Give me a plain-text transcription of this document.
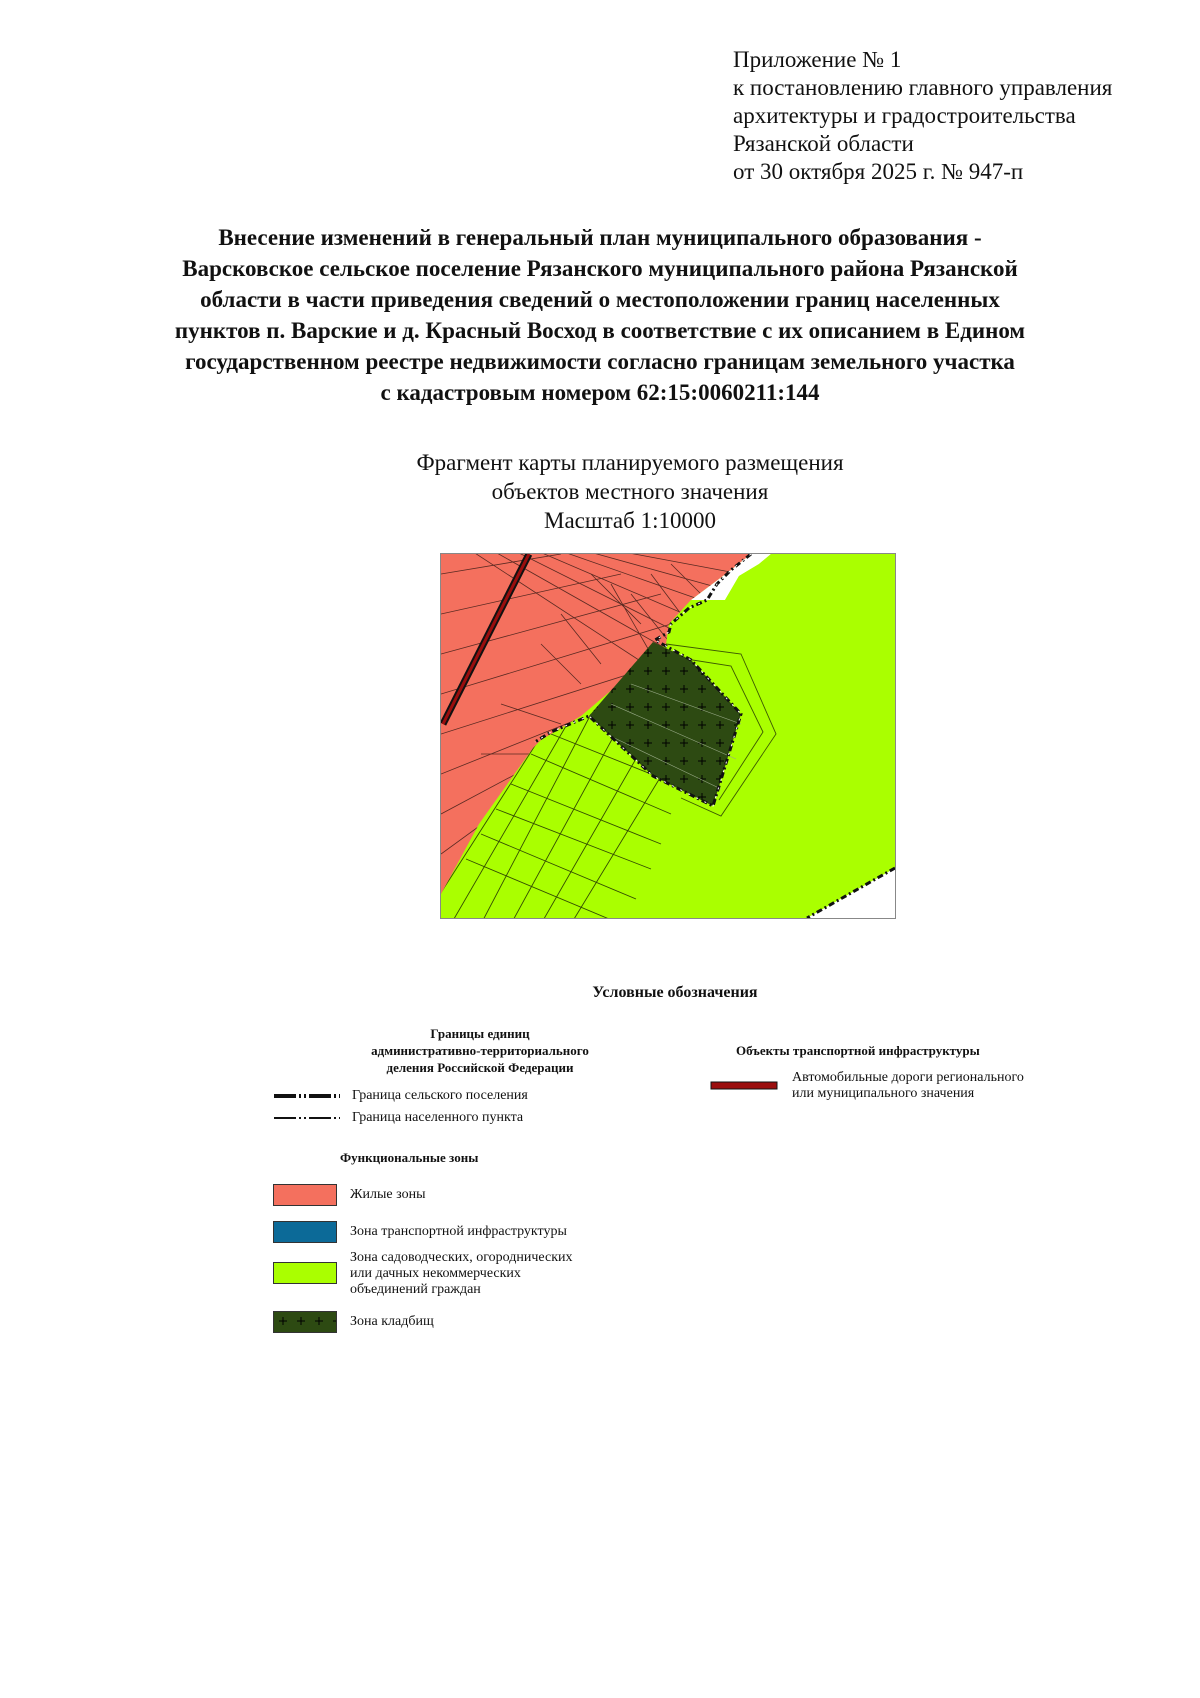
Приложение № 1
к постановлению главного управления
архитектуры и градостроительства
Рязанской области
от 30 октября 2025 г. № 947-п
Внесение изменений в генеральный план муниципального образования -
Варсковское сельское поселение Рязанского муниципального района Рязанской
области в части приведения сведений о местоположении границ населенных
пунктов п. Варские и д. Красный Восход в соответствие с их описанием в Едином
государственном реестре недвижимости согласно границам земельного участка
с кадастровым номером 62:15:0060211:144
Фрагмент карты планируемого размещения
объектов местного значения
Масштаб 1:10000
Условные обозначения
Границы единиц
административно-территориального
деления Российской Федерации
Граница сельского поселения
Граница населенного пункта
Функциональные зоны
Жилые зоны
Зона транспортной инфраструктуры
Зона садоводческих, огороднических
или дачных некоммерческих
объединений граждан
Зона кладбищ
Объекты транспортной инфраструктуры
Автомобильные дороги регионального
или муниципального значения
